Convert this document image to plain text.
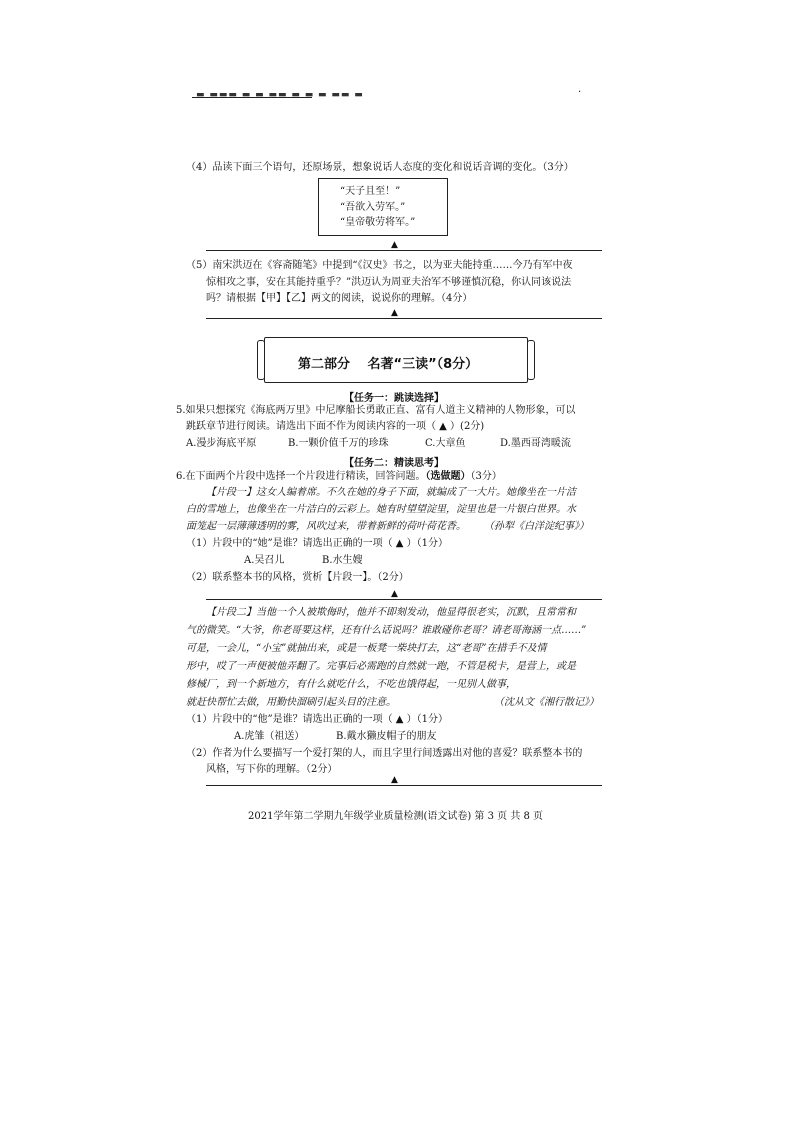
▬ ▬▬▬ ▬ ▬ ▬▬ ▬ ▬ ▬ ▬▬ ▬	·
（4）品读下面三个语句，还原场景，想象说话人态度的变化和说话音调的变化。（3分）
“天子且至！”
“吾欲入劳军。”
“皇帝敬劳将军。”
▲
（5）南宋洪迈在《容斋随笔》中提到“《汉史》书之，以为亚夫能持重……今乃有军中夜
惊相攻之事，安在其能持重乎？”洪迈认为周亚夫治军不够谨慎沉稳，你认同该说法
吗？请根据【甲】【乙】两文的阅读，说说你的理解。（4分）
▲
第二部分　 名著“三读”（8分）
【任务一：跳读选择】
5.如果只想探究《海底两万里》中尼摩船长勇敢正直、富有人道主义精神的人物形象，可以
跳跃章节进行阅读。请选出下面不作为阅读内容的一项（ ▲ ）(2分)
A.漫步海底平原	B.一颗价值千万的珍珠	C.大章鱼	D.墨西哥湾暖流
【任务二：精读思考】
6.在下面两个片段中选择一个片段进行精读，回答问题。（选做题）（3分）
【片段一】这女人编着席。不久在她的身子下面，就编成了一大片。她像坐在一片洁
白的雪地上，也像坐在一片洁白的云彩上。她有时望望淀里，淀里也是一片银白世界。水
面笼起一层薄薄透明的雾，风吹过来，带着新鲜的荷叶荷花香。 （孙犁《白洋淀纪事》）
（1）片段中的“她”是谁？请选出正确的一项（ ▲ ）（1分）
A.吴召儿	B.水生嫂
（2）联系整本书的风格，赏析【片段一】。（2分）
▲
【片段二】当他一个人被欺侮时，他并不即刻发动，他显得很老实，沉默，且常常和
气的微笑。“大爷，你老哥要这样，还有什么话说吗？谁敢碰你老哥？请老哥海涵一点……”
可是，一会儿，“小宝”就抽出来，或是一板凳一柴块打去，这“老哥”在措手不及情
形中，哎了一声便被他弄翻了。完事后必需跑的自然就一跑，不管是税卡，是营上，或是
修械厂，到一个新地方，有什么就吃什么，不吃也饿得起，一见别人做事，
就赶快帮忙去做，用勤快溜刷引起头目的注意。	（沈从文《湘行散记》）
（1）片段中的“他”是谁？请选出正确的一项（ ▲ ）（1分）
A.虎雏（祖送）	B.戴水獭皮帽子的朋友
（2）作者为什么要描写一个爱打架的人，而且字里行间透露出对他的喜爱？联系整本书的
风格，写下你的理解。（2分）
▲
2021学年第二学期九年级学业质量检测(语文试卷) 第 3 页 共 8 页
